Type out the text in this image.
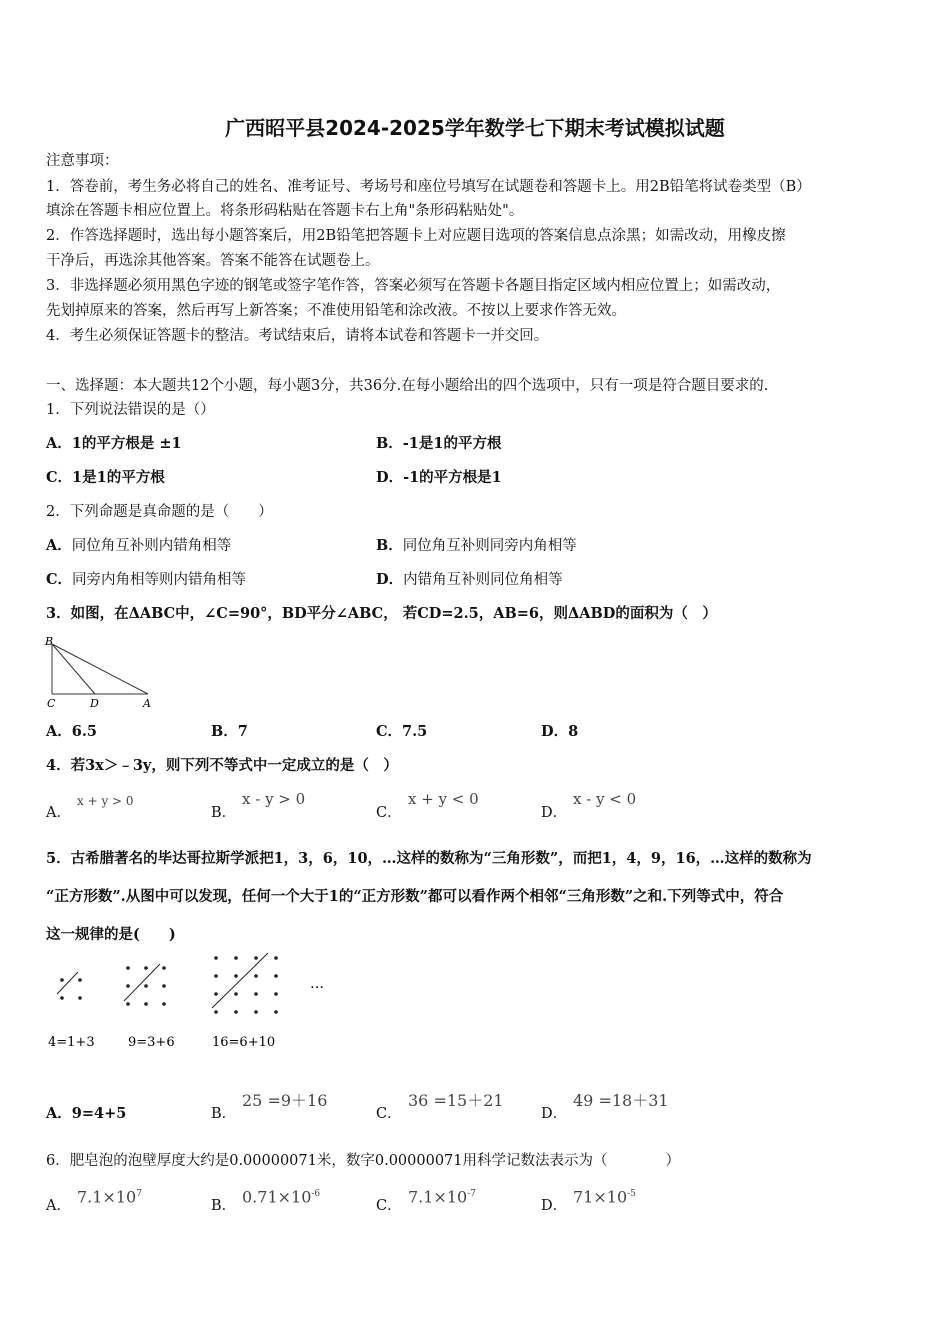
广西昭平县2024-2025学年数学七下期末考试模拟试题
注意事项：
1．答卷前，考生务必将自己的姓名、准考证号、考场号和座位号填写在试题卷和答题卡上。用2B铅笔将试卷类型（B）
填涂在答题卡相应位置上。将条形码粘贴在答题卡右上角"条形码粘贴处"。
2．作答选择题时，选出每小题答案后，用2B铅笔把答题卡上对应题目选项的答案信息点涂黑；如需改动，用橡皮擦
干净后，再选涂其他答案。答案不能答在试题卷上。
3．非选择题必须用黑色字迹的钢笔或签字笔作答，答案必须写在答题卡各题目指定区域内相应位置上；如需改动，
先划掉原来的答案，然后再写上新答案；不准使用铅笔和涂改液。不按以上要求作答无效。
4．考生必须保证答题卡的整洁。考试结束后，请将本试卷和答题卡一并交回。
一、选择题：本大题共12个小题，每小题3分，共36分.在每小题给出的四个选项中，只有一项是符合题目要求的.
1．下列说法错误的是（）
A．1的平方根是 ±1	B．-1是1的平方根
C．1是1的平方根	D．-1的平方根是1
2．下列命题是真命题的是（　　）
A．同位角互补则内错角相等	B．同位角互补则同旁内角相等
C．同旁内角相等则内错角相等	D．内错角互补则同位角相等
3．如图，在ΔABC中，∠C=90°，BD平分∠ABC， 若CD=2.5，AB=6，则ΔABD的面积为（　）
B
C	D	A
A．6.5	B．7	C．7.5	D．8
4．若3x＞﹣3y，则下列不等式中一定成立的是（　）
A．
x + y > 0
B．
x - y > 0
C．
x + y < 0
D．
x - y < 0
5．古希腊著名的毕达哥拉斯学派把1，3，6，10，…这样的数称为“三角形数”，而把1，4，9，16，…这样的数称为
“正方形数”.从图中可以发现，任何一个大于1的“正方形数”都可以看作两个相邻“三角形数”之和.下列等式中，符合
这一规律的是(　　)
…
4=1+3	9=3+6	16=6+10
A．9=4+5	B．
25 =9＋16
C．
36 =15＋21
D．
49 =18＋31
6．肥皂泡的泡壁厚度大约是0.00000071米，数字0.00000071用科学记数法表示为（　　　　）
A． $7.1\times 10^7$
B． $0.71\times 10^{-6}$
C． $7.1\times 10^{-7}$
D． $71\times 10^{-5}$
